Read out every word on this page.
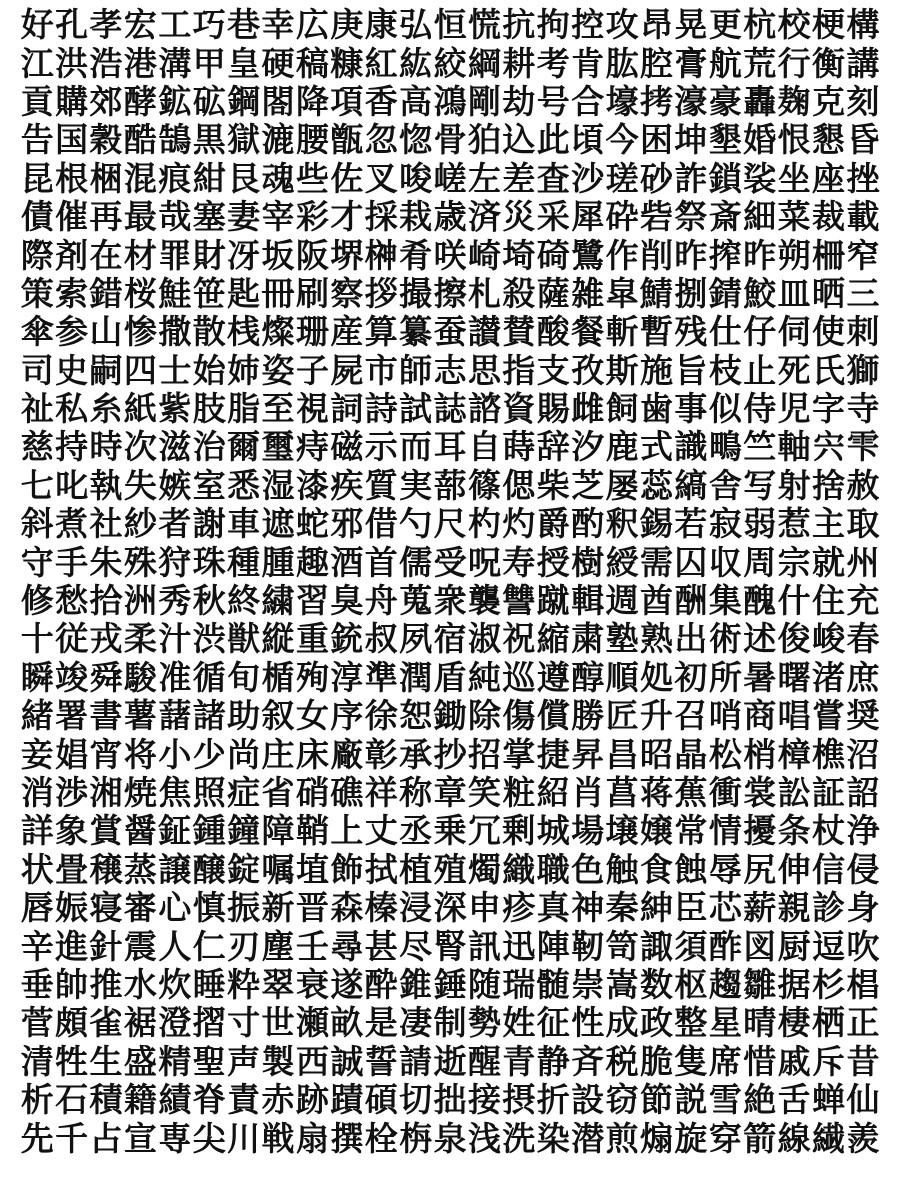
好 孔 孝 宏 工 巧 巷 幸 広 庚 康 弘 恒 慌 抗 拘 控 攻 昂 晃 更 杭 校 梗 構
江 洪 浩 港 溝 甲 皇 硬 稿 糠 紅 紘 絞 綱 耕 考 肯 肱 腔 膏 航 荒 行 衡 講
貢 購 郊 酵 鉱 砿 鋼 閤 降 項 香 高 鴻 剛 劫 号 合 壕 拷 濠 豪 轟 麹 克 刻
告 国 穀 酷 鵠 黒 獄 漉 腰 甑 忽 惚 骨 狛 込 此 頃 今 困 坤 墾 婚 恨 懇 昏
昆 根 梱 混 痕 紺 艮 魂 些 佐 叉 唆 嵯 左 差 査 沙 瑳 砂 詐 鎖 裟 坐 座 挫
債 催 再 最 哉 塞 妻 宰 彩 才 採 栽 歳 済 災 采 犀 砕 砦 祭 斎 細 菜 裁 載
際 剤 在 材 罪 財 冴 坂 阪 堺 榊 肴 咲 崎 埼 碕 鷺 作 削 昨 搾 昨 朔 柵 窄
策 索 錯 桜 鮭 笹 匙 冊 刷 察 拶 撮 擦 札 殺 薩 雑 皐 鯖 捌 錆 鮫 皿 晒 三
傘 参 山 惨 撒 散 桟 燦 珊 産 算 纂 蚕 讃 賛 酸 餐 斬 暫 残 仕 仔 伺 使 刺
司 史 嗣 四 士 始 姉 姿 子 屍 市 師 志 思 指 支 孜 斯 施 旨 枝 止 死 氏 獅
祉 私 糸 紙 紫 肢 脂 至 視 詞 詩 試 誌 諮 資 賜 雌 飼 歯 事 似 侍 児 字 寺
慈 持 時 次 滋 治 爾 璽 痔 磁 示 而 耳 自 蒔 辞 汐 鹿 式 識 鴫 竺 軸 宍 雫
七 叱 執 失 嫉 室 悉 湿 漆 疾 質 実 蔀 篠 偲 柴 芝 屡 蕊 縞 舎 写 射 捨 赦
斜 煮 社 紗 者 謝 車 遮 蛇 邪 借 勺 尺 杓 灼 爵 酌 釈 錫 若 寂 弱 惹 主 取
守 手 朱 殊 狩 珠 種 腫 趣 酒 首 儒 受 呪 寿 授 樹 綬 需 囚 収 周 宗 就 州
修 愁 拾 洲 秀 秋 終 繍 習 臭 舟 蒐 衆 襲 讐 蹴 輯 週 酋 酬 集 醜 什 住 充
十 従 戎 柔 汁 渋 獣 縦 重 銃 叔 夙 宿 淑 祝 縮 粛 塾 熟 出 術 述 俊 峻 春
瞬 竣 舜 駿 准 循 旬 楯 殉 淳 準 潤 盾 純 巡 遵 醇 順 処 初 所 暑 曙 渚 庶
緒 署 書 薯 藷 諸 助 叙 女 序 徐 恕 鋤 除 傷 償 勝 匠 升 召 哨 商 唱 嘗 奨
妾 娼 宵 将 小 少 尚 庄 床 廠 彰 承 抄 招 掌 捷 昇 昌 昭 晶 松 梢 樟 樵 沼
消 渉 湘 焼 焦 照 症 省 硝 礁 祥 称 章 笑 粧 紹 肖 菖 蒋 蕉 衝 裳 訟 証 詔
詳 象 賞 醤 鉦 鍾 鐘 障 鞘 上 丈 丞 乗 冗 剰 城 場 壌 嬢 常 情 擾 条 杖 浄
状 畳 穣 蒸 譲 醸 錠 嘱 埴 飾 拭 植 殖 燭 織 職 色 触 食 蝕 辱 尻 伸 信 侵
唇 娠 寝 審 心 慎 振 新 晋 森 榛 浸 深 申 疹 真 神 秦 紳 臣 芯 薪 親 診 身
辛 進 針 震 人 仁 刃 塵 壬 尋 甚 尽 腎 訊 迅 陣 靭 笥 諏 須 酢 図 厨 逗 吹
垂 帥 推 水 炊 睡 粋 翠 衰 遂 酔 錐 錘 随 瑞 髄 崇 嵩 数 枢 趨 雛 据 杉 椙
菅 頗 雀 裾 澄 摺 寸 世 瀬 畝 是 凄 制 勢 姓 征 性 成 政 整 星 晴 棲 栖 正
清 牲 生 盛 精 聖 声 製 西 誠 誓 請 逝 醒 青 静 斉 税 脆 隻 席 惜 戚 斥 昔
析 石 積 籍 績 脊 責 赤 跡 蹟 碩 切 拙 接 摂 折 設 窃 節 説 雪 絶 舌 蝉 仙
先 千 占 宣 専 尖 川 戦 扇 撰 栓 栴 泉 浅 洗 染 潜 煎 煽 旋 穿 箭 線 繊 羨
